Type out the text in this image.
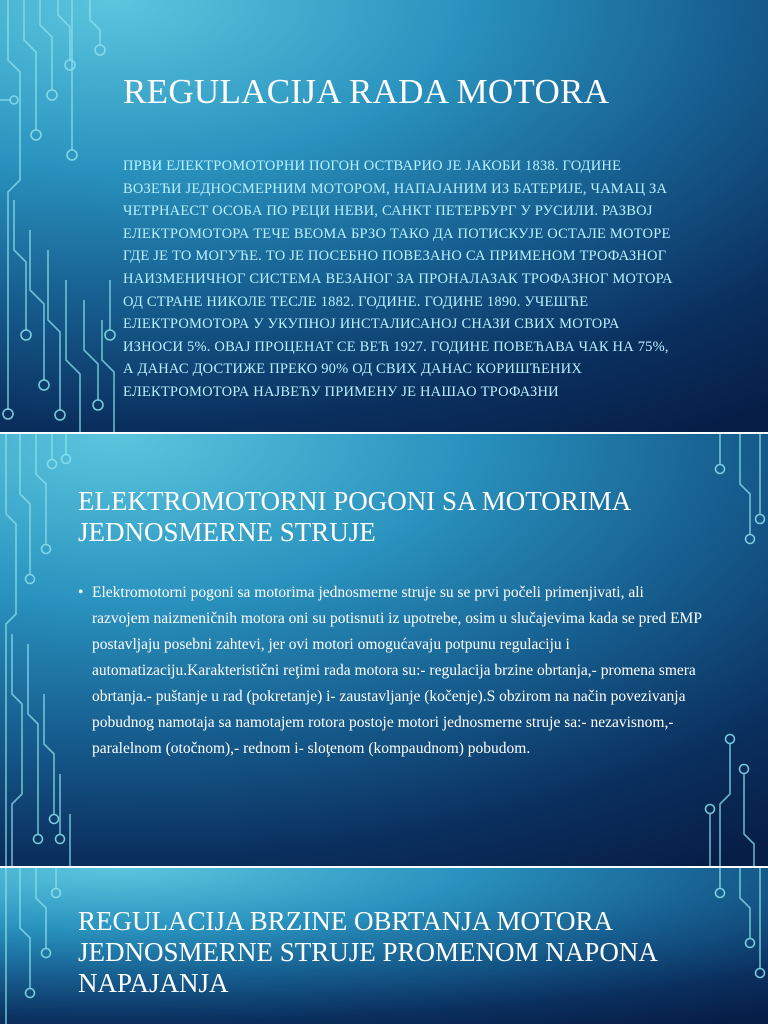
REGULACIJA RADA MOTORA
ПРВИ ЕЛЕКТРОМОТОРНИ ПОГОН ОСТВАРИО ЈЕ ЈАКОБИ 1838. ГОДИНЕ ВОЗЕЋИ ЈЕДНОСМЕРНИМ МОТОРОМ, НАПАЈАНИМ ИЗ БАТЕРИЈЕ, ЧАМАЦ ЗА ЧЕТРНАЕСТ ОСОБА ПО РЕЦИ НЕВИ, САНКТ ПЕТЕРБУРГ У РУСИЛИ. РАЗВОЈ ЕЛЕКТРОМОТОРА ТЕЧЕ ВЕОМА БРЗО ТАКО ДА ПОТИСКУЈЕ ОСТАЛЕ МОТОРЕ ГДЕ ЈЕ ТО МОГУЋЕ. ТО ЈЕ ПОСЕБНО ПОВЕЗАНО СА ПРИМЕНОМ ТРОФАЗНОГ НАИЗМЕНИЧНОГ СИСТЕМА ВЕЗАНОГ ЗА ПРОНАЛАЗАК ТРОФАЗНОГ МОТОРА ОД СТРАНЕ НИКОЛЕ ТЕСЛЕ 1882. ГОДИНЕ. ГОДИНЕ 1890. УЧЕШЋЕ ЕЛЕКТРОМОТОРА У УКУПНОЈ ИНСТАЛИСАНОЈ СНАЗИ СВИХ МОТОРА ИЗНОСИ 5%. ОВАЈ ПРОЦЕНАТ СЕ ВЕЋ 1927. ГОДИНЕ ПОВЕЋАВА ЧАК НА 75%, А ДАНАС ДОСТИЖЕ ПРЕКО 90% ОД СВИХ ДАНАС КОРИШЋЕНИХ ЕЛЕКТРОМОТОРА НАЈВЕЋУ ПРИМЕНУ ЈЕ НАШАО ТРОФАЗНИ
ELEKTROMOTORNI POGONI SA MOTORIMA JEDNOSMERNE STRUJE
• Elektromotorni pogoni sa motorima jednosmerne struje su se prvi počeli primenjivati, ali razvojem naizmeničnih motora oni su potisnuti iz upotrebe, osim u slučajevima kada se pred EMP postavljaju posebni zahtevi, jer ovi motori omogućavaju potpunu regulaciju i automatizaciju.Karakteristični reţimi rada motora su:- regulacija brzine obrtanja,- promena smera obrtanja.- puštanje u rad (pokretanje) i- zaustavljanje (kočenje).S obzirom na način povezivanja pobudnog namotaja sa namotajem rotora postoje motori jednosmerne struje sa:- nezavisnom,- paralelnom (otočnom),- rednom i- sloţenom (kompaudnom) pobudom.
REGULACIJA BRZINE OBRTANJA MOTORA JEDNOSMERNE STRUJE PROMENOM NAPONA NAPAJANJA
